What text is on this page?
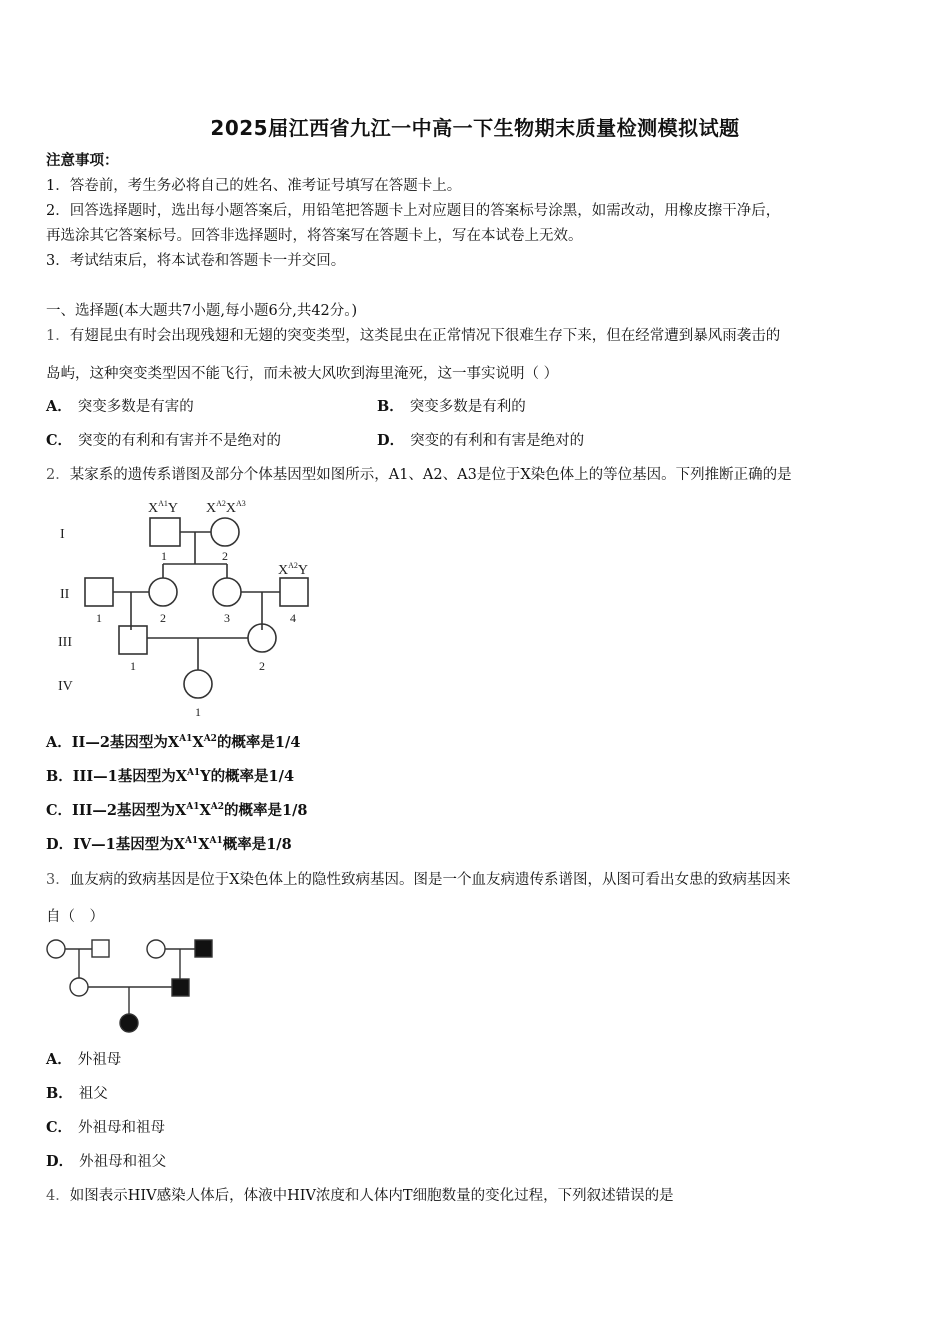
2025届江西省九江一中高一下生物期末质量检测模拟试题
注意事项：
1．答卷前，考生务必将自己的姓名、准考证号填写在答题卡上。
2．回答选择题时，选出每小题答案后，用铅笔把答题卡上对应题目的答案标号涂黑，如需改动，用橡皮擦干净后，
再选涂其它答案标号。回答非选择题时，将答案写在答题卡上，写在本试卷上无效。
3．考试结束后，将本试卷和答题卡一并交回。
一、选择题(本大题共7小题,每小题6分,共42分。)
1．有翅昆虫有时会出现残翅和无翅的突变类型，这类昆虫在正常情况下很难生存下来，但在经常遭到暴风雨袭击的
岛屿，这种突变类型因不能飞行，而未被大风吹到海里淹死，这一事实说明（ ）
A． 突变多数是有害的	B． 突变多数是有利的
C． 突变的有利和有害并不是绝对的	D． 突变的有利和有害是绝对的
2．某家系的遗传系谱图及部分个体基因型如图所示，A1、A2、A3是位于X染色体上的等位基因。下列推断正确的是
I
II
III
IV
1	2
1	2	3	4
1	2
1
$X^{A1}Y$ $X^{A2}X^{A3}$
$X^{A2}Y$
A．II—2基因型为$X^{A1}X^{A2}$的概率是1/4
B．III—1基因型为$X^{A1}Y$的概率是1/4
C．III—2基因型为$X^{A1}X^{A2}$的概率是1/8
D．IV—1基因型为$X^{A1}X^{A1}$概率是1/8
3．血友病的致病基因是位于X染色体上的隐性致病基因。图是一个血友病遗传系谱图，从图可看出女患的致病基因来
自（　）
A． 外祖母
B． 祖父
C． 外祖母和祖母
D． 外祖母和祖父
4．如图表示HIV感染人体后，体液中HIV浓度和人体内T细胞数量的变化过程，下列叙述错误的是
